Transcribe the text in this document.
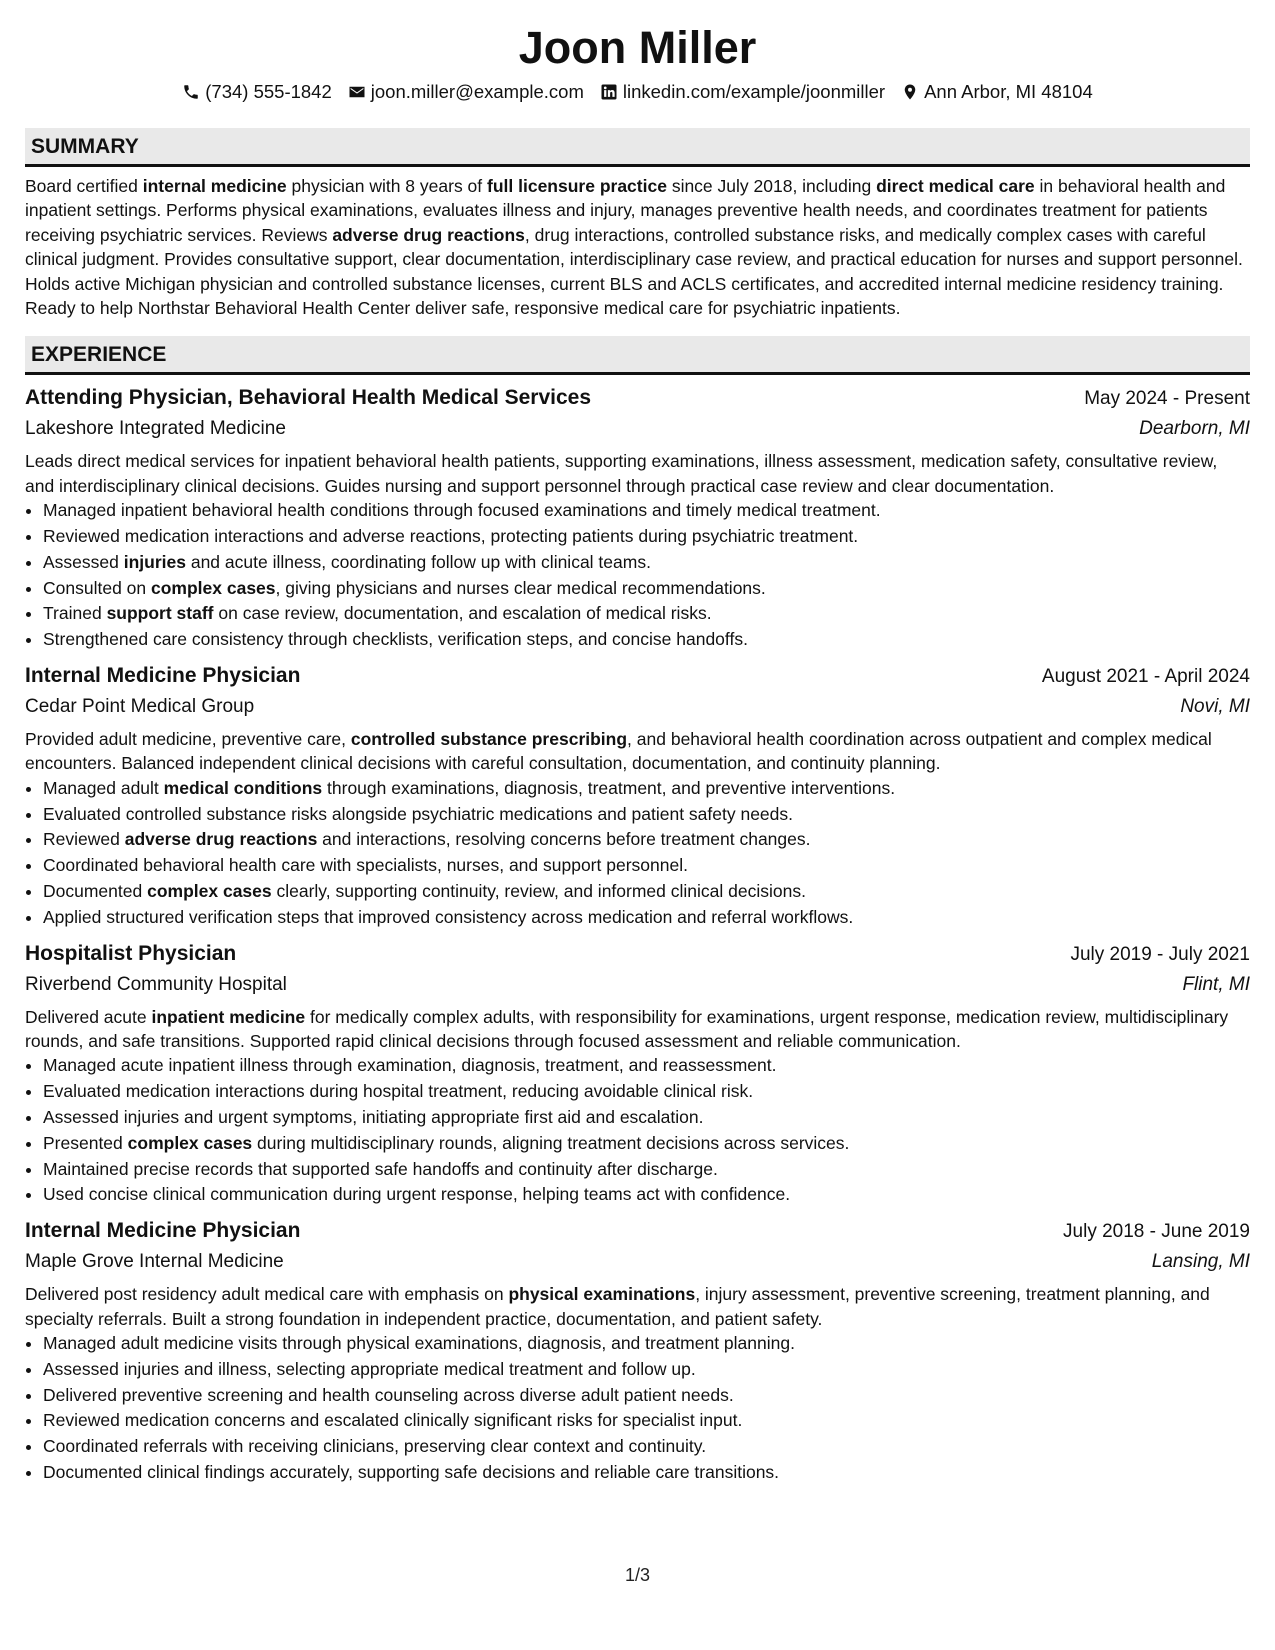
Joon Miller
(734) 555-1842 joon.miller@example.com linkedin.com/example/joonmiller Ann Arbor, MI 48104
SUMMARY
Board certified internal medicine physician with 8 years of full licensure practice since July 2018, including direct medical care in behavioral health and inpatient settings. Performs physical examinations, evaluates illness and injury, manages preventive health needs, and coordinates treatment for patients receiving psychiatric services. Reviews adverse drug reactions, drug interactions, controlled substance risks, and medically complex cases with careful clinical judgment. Provides consultative support, clear documentation, interdisciplinary case review, and practical education for nurses and support personnel. Holds active Michigan physician and controlled substance licenses, current BLS and ACLS certificates, and accredited internal medicine residency training. Ready to help Northstar Behavioral Health Center deliver safe, responsive medical care for psychiatric inpatients.
EXPERIENCE
Attending Physician, Behavioral Health Medical Services	May 2024 - Present
Lakeshore Integrated Medicine	Dearborn, MI
Leads direct medical services for inpatient behavioral health patients, supporting examinations, illness assessment, medication safety, consultative review, and interdisciplinary clinical decisions. Guides nursing and support personnel through practical case review and clear documentation.
• Managed inpatient behavioral health conditions through focused examinations and timely medical treatment.
• Reviewed medication interactions and adverse reactions, protecting patients during psychiatric treatment.
• Assessed injuries and acute illness, coordinating follow up with clinical teams.
• Consulted on complex cases, giving physicians and nurses clear medical recommendations.
• Trained support staff on case review, documentation, and escalation of medical risks.
• Strengthened care consistency through checklists, verification steps, and concise handoffs.
Internal Medicine Physician	August 2021 - April 2024
Cedar Point Medical Group	Novi, MI
Provided adult medicine, preventive care, controlled substance prescribing, and behavioral health coordination across outpatient and complex medical encounters. Balanced independent clinical decisions with careful consultation, documentation, and continuity planning.
• Managed adult medical conditions through examinations, diagnosis, treatment, and preventive interventions.
• Evaluated controlled substance risks alongside psychiatric medications and patient safety needs.
• Reviewed adverse drug reactions and interactions, resolving concerns before treatment changes.
• Coordinated behavioral health care with specialists, nurses, and support personnel.
• Documented complex cases clearly, supporting continuity, review, and informed clinical decisions.
• Applied structured verification steps that improved consistency across medication and referral workflows.
Hospitalist Physician	July 2019 - July 2021
Riverbend Community Hospital	Flint, MI
Delivered acute inpatient medicine for medically complex adults, with responsibility for examinations, urgent response, medication review, multidisciplinary rounds, and safe transitions. Supported rapid clinical decisions through focused assessment and reliable communication.
• Managed acute inpatient illness through examination, diagnosis, treatment, and reassessment.
• Evaluated medication interactions during hospital treatment, reducing avoidable clinical risk.
• Assessed injuries and urgent symptoms, initiating appropriate first aid and escalation.
• Presented complex cases during multidisciplinary rounds, aligning treatment decisions across services.
• Maintained precise records that supported safe handoffs and continuity after discharge.
• Used concise clinical communication during urgent response, helping teams act with confidence.
Internal Medicine Physician	July 2018 - June 2019
Maple Grove Internal Medicine	Lansing, MI
Delivered post residency adult medical care with emphasis on physical examinations, injury assessment, preventive screening, treatment planning, and specialty referrals. Built a strong foundation in independent practice, documentation, and patient safety.
• Managed adult medicine visits through physical examinations, diagnosis, and treatment planning.
• Assessed injuries and illness, selecting appropriate medical treatment and follow up.
• Delivered preventive screening and health counseling across diverse adult patient needs.
• Reviewed medication concerns and escalated clinically significant risks for specialist input.
• Coordinated referrals with receiving clinicians, preserving clear context and continuity.
• Documented clinical findings accurately, supporting safe decisions and reliable care transitions.
1/3
